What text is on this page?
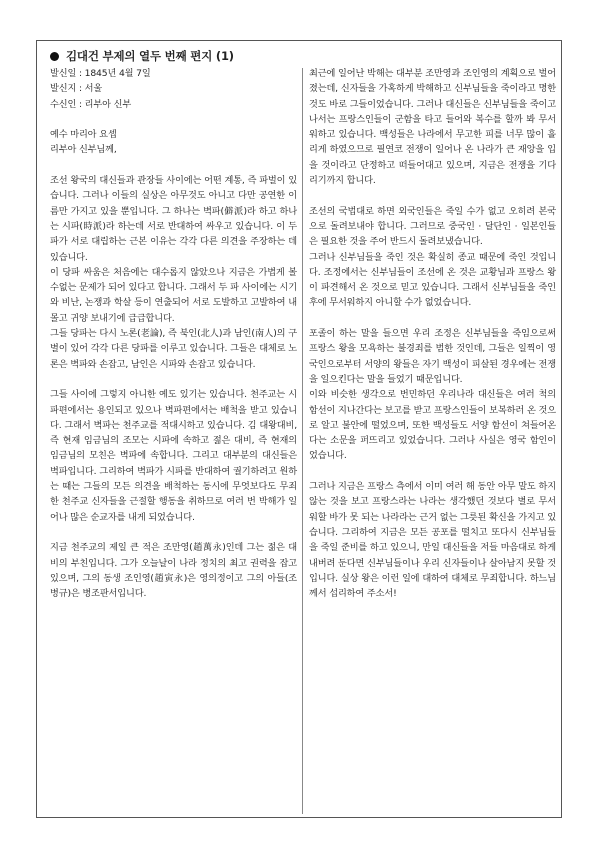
김대건 부제의 열두 번째 편지 (1)
발신일 : 1845년 4월 7일
발신지 : 서울
수신인 : 리부아 신부

예수 마리아 요셉

리부아 신부님께,

조선 왕국의 대신들과 관장들 사이에는 어떤 계통, 즉 파벌이 있습니다. 그러나 이들의 실상은 아무것도 아니고 다만 공연한 이름만 가지고 있을 뿐입니다. 그 하나는 벽파(僻派)라 하고 하나는 시파(時派)라 하는데 서로 반대하여 싸우고 있습니다. 이 두 파가 서로 대립하는 근본 이유는 각각 다른 의견을 주장하는 데 있습니다.

이 당파 싸움은 처음에는 대수롭지 않았으나 지금은 가볍게 볼 수없는 문제가 되어 있다고 합니다. 그래서 두 파 사이에는 시기와 비난, 논쟁과 학살 등이 연출되어 서로 도발하고 고발하여 내몰고 귀양 보내기에 급급합니다.

그들 당파는 다시 노론(老論), 즉 북인(北人)과 남인(南人)의 구별이 있어 각각 다른 당파를 이루고 있습니다. 그들은 대체로 노론은 벽파와 손잡고, 남인은 시파와 손잡고 있습니다.

그들 사이에 그렇지 아니한 예도 있기는 있습니다. 천주교는 시파편에서는 용인되고 있으나 벽파편에서는 배척을 받고 있습니다. 그래서 벽파는 천주교를 적대시하고 있습니다. 김 대왕대비, 즉 현재 임금님의 조모는 시파에 속하고 젊은 대비, 즉 현재의 임금님의 모친은 벽파에 속합니다. 그리고 대부분의 대신들은 벽파입니다. 그리하여 벽파가 시파를 반대하여 궐기하려고 원하는 때는 그들의 모든 의견을 배척하는 동시에 무엇보다도 무죄한 천주교 신자들을 근절할 행동을 취하므로 여러 번 박해가 일어나 많은 순교자를 내게 되었습니다.

지금 천주교의 제일 큰 적은 조만영(趙萬永)인데 그는 젊은 대비의 부친입니다. 그가 오늘날이 나라 정치의 최고 권력을 잡고 있으며, 그의 동생 조인영(趙寅永)은 영의정이고 그의 아들(조병규)은 병조판서입니다.

최근에 일어난 박해는 대부분 조만영과 조인영의 계획으로 벌어졌는데, 신자들을 가혹하게 박해하고 신부님들을 죽이라고 명한 것도 바로 그들이었습니다. 그러나 대신들은 신부님들을 죽이고 나서는 프랑스인들이 군함을 타고 들어와 복수를 할까 봐 무서워하고 있습니다. 백성들은 나라에서 무고한 피를 너무 많이 흘리게 하였으므로 필연코 전쟁이 일어나 온 나라가 큰 재앙을 입을 것이라고 단정하고 떠들어대고 있으며, 지금은 전쟁을 기다리기까지 합니다.

조선의 국법대로 하면 외국인들은 죽일 수가 없고 오히려 본국으로 돌려보내야 합니다. 그러므로 중국인 · 달단인 · 일본인들은 필요한 것을 주어 반드시 돌려보냈습니다.

그러나 신부님들을 죽인 것은 확실히 종교 때문에 죽인 것입니다. 조정에서는 신부님들이 조선에 온 것은 교황님과 프랑스 왕이 파견해서 온 것으로 믿고 있습니다. 그래서 신부님들을 죽인 후에 무서워하지 아니할 수가 없었습니다.

포졸이 하는 말을 들으면 우리 조정은 신부님들을 죽임으로써 프랑스 왕을 모욕하는 불경죄를 범한 것인데, 그들은 일찍이 영국인으로부터 서양의 왕들은 자기 백성이 피살된 경우에는 전쟁을 일으킨다는 말을 들었기 때문입니다.

이와 비슷한 생각으로 번민하던 우리나라 대신들은 여러 척의 함선이 지나간다는 보고를 받고 프랑스인들이 보복하러 온 것으로 알고 불안에 떨었으며, 또한 백성들도 서양 함선이 쳐들어온다는 소문을 퍼뜨리고 있었습니다. 그러나 사실은 영국 함인이었습니다.

그러나 지금은 프랑스 측에서 이미 여러 해 동안 아무 말도 하지 않는 것을 보고 프랑스라는 나라는 생각했던 것보다 별로 무서워할 바가 못 되는 나라라는 근거 없는 그릇된 확신을 가지고 있습니다. 그리하여 지금은 모든 공포를 떨치고 또다시 신부님들을 죽일 준비를 하고 있으니, 만일 대신들을 저들 마음대로 하게 내버려 둔다면 신부님들이나 우리 신자들이나 살아남지 못할 것입니다. 실상 왕은 이런 일에 대하여 대체로 무죄합니다. 하느님께서 섭리하여 주소서!
